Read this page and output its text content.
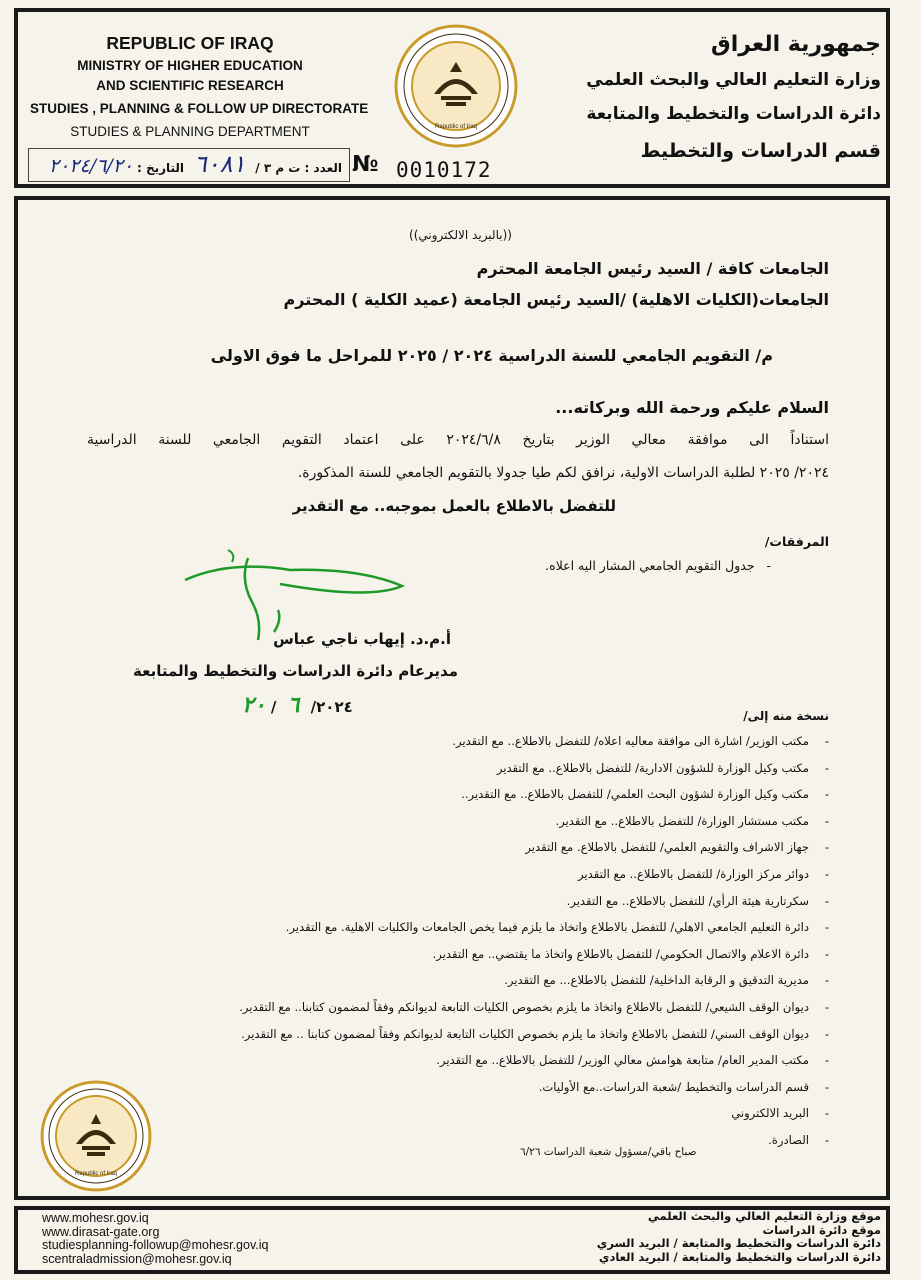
REPUBLIC OF IRAQ
MINISTRY OF HIGHER EDUCATION
AND SCIENTIFIC RESEARCH
STUDIES , PLANNING & FOLLOW UP DIRECTORATE
STUDIES & PLANNING DEPARTMENT
جمهورية العراق
وزارة التعليم العالي والبحث العلمي
دائرة الدراسات والتخطيط والمتابعة
قسم الدراسات والتخطيط
Republic of Iraq
العدد : ت م ٣ / ٦٠٨١ التاريخ : ٢٠٢٤/٦/٢٠	№ 0010172
((بالبريد الالكتروني))
الجامعات كافة / السيد رئيس الجامعة المحترم
الجامعات(الكليات الاهلية) /السيد رئيس الجامعة (عميد الكلية ) المحترم
م/ التقويم الجامعي للسنة الدراسية ٢٠٢٤ / ٢٠٢٥ للمراحل ما فوق الاولى
السلام عليكم ورحمة الله وبركاته...
استناداً الى موافقة معالي الوزير بتاريخ ٢٠٢٤/٦/٨ على اعتماد التقويم الجامعي للسنة الدراسية
٢٠٢٤/ ٢٠٢٥ لطلبة الدراسات الاولية، نرافق لكم طيا جدولا بالتقويم الجامعي للسنة المذكورة.
للتفضل بالاطلاع بالعمل بموجبه.. مع التقدير
المرفقات/
-   جدول التقويم الجامعي المشار اليه اعلاه.
أ.م.د. إيهاب ناجي عباس
مديرعام دائرة الدراسات والتخطيط والمتابعة
٢٠٢٤/ ٦ / ٢٠	نسخة منه إلى/
-مكتب الوزير/ اشارة الى موافقة معاليه اعلاه/ للتفضل بالاطلاع.. مع التقدير.
-مكتب وكيل الوزارة للشؤون الادارية/ للتفضل بالاطلاع.. مع التقدير
-مكتب وكيل الوزارة لشؤون البحث العلمي/ للتفضل بالاطلاع.. مع التقدير..
-مكتب مستشار الوزارة/ للتفضل بالاطلاع.. مع التقدير.
-جهاز الاشراف والتقويم العلمي/ للتفضل بالاطلاع. مع التقدير
-دوائر مركز الوزارة/ للتفضل بالاطلاع.. مع التقدير
-سكرتارية هيئة الرأي/ للتفضل بالاطلاع.. مع التقدير.
-دائرة التعليم الجامعي الاهلي/ للتفضل بالاطلاع واتخاذ ما يلزم فيما يخص الجامعات والكليات الاهلية. مع التقدير.
-دائرة الاعلام والاتصال الحكومي/ للتفضل بالاطلاع واتخاذ ما يقتضي.. مع التقدير.
-مديرية التدقيق و الرقابة الداخلية/ للتفضل بالاطلاع... مع التقدير.
-ديوان الوقف الشيعي/ للتفضل بالاطلاع واتخاذ ما يلزم بخصوص الكليات التابعة لديوانكم وفقاً لمضمون كتابنا.. مع التقدير.
-ديوان الوقف السني/ للتفضل بالاطلاع واتخاذ ما يلزم بخصوص الكليات التابعة لديوانكم وفقاً لمضمون كتابنا .. مع التقدير.
-مكتب المدير العام/ متابعة هوامش معالي الوزير/ للتفضل بالاطلاع.. مع التقدير.
-قسم الدراسات والتخطيط /شعبة الدراسات..مع الأوليات.
-البريد الالكتروني
-الصادرة.
Republic of Iraq
صباح باقي/مسؤول شعبة الدراسات ٦/٢٦
www.mohesr.gov.iq
www.dirasat-gate.org
studiesplanning-followup@mohesr.gov.iq
scentraladmission@mohesr.gov.iq
موقع وزارة التعليم العالي والبحث العلمي
موقع دائرة الدراسات
دائرة الدراسات والتخطيط والمتابعة / البريد السري
دائرة الدراسات والتخطيط والمتابعة / البريد العادي
